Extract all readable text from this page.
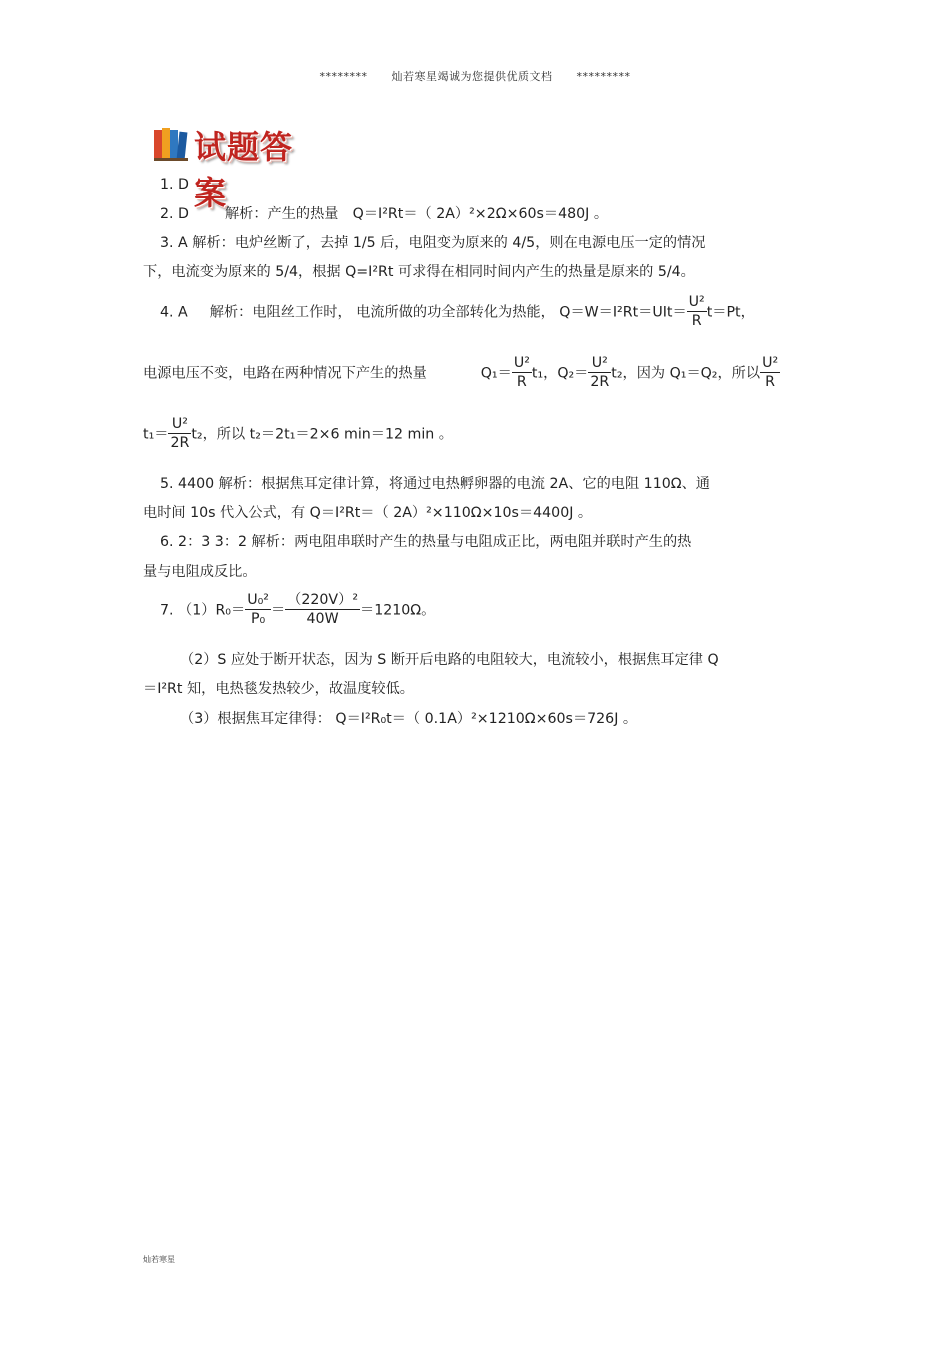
******** 灿若寒星竭诚为您提供优质文档 *********
试题答案
1. D
2. D	解析：产生的热量　Q＝I²Rt＝（ 2A）²×2Ω×60s＝480J 。
3. A 解析：电炉丝断了，去掉 1/5 后，电阻变为原来的 4/5，则在电源电压一定的情况
下，电流变为原来的 5/4，根据 Q=I²Rt 可求得在相同时间内产生的热量是原来的 5/4。
4. A 解析：电阻丝工作时， 电流所做的功全部转化为热能， $Q=W=I^2Rt=UIt= \frac{\text{U²}}{R} t=Pt$，
电源电压不变，电路在两种情况下产生的热量	$Q_1= \frac{\text{U²}}{R} t_1$，$Q_2= \frac{\text{U²}}{2R} t_2$，因为 Q₁＝Q₂，所以 $\frac{\text{U²}}{R}$
$t_1= \frac{\text{U²}}{2R} t_2$，所以 t₂＝2t₁＝2×6 min＝12 min 。
5. 4400 解析：根据焦耳定律计算，将通过电热孵卵器的电流 2A、它的电阻 110Ω、通
电时间 10s 代入公式，有 Q＝I²Rt＝（ 2A）²×110Ω×10s＝4400J 。
6. 2：3 3：2 解析：两电阻串联时产生的热量与电阻成正比，两电阻并联时产生的热
量与电阻成反比。
7. $(1)R_0= \frac{\text{U₀²}}{\text{P₀}} = \frac{\text{（220V）²}}{40W} =1210\Omega$。
（2）S 应处于断开状态，因为 S 断开后电路的电阻较大，电流较小，根据焦耳定律 Q
＝I²Rt 知，电热毯发热较少，故温度较低。
（3）根据焦耳定律得： Q＝I²R₀t＝（ 0.1A）²×1210Ω×60s＝726J 。
灿若寒星
